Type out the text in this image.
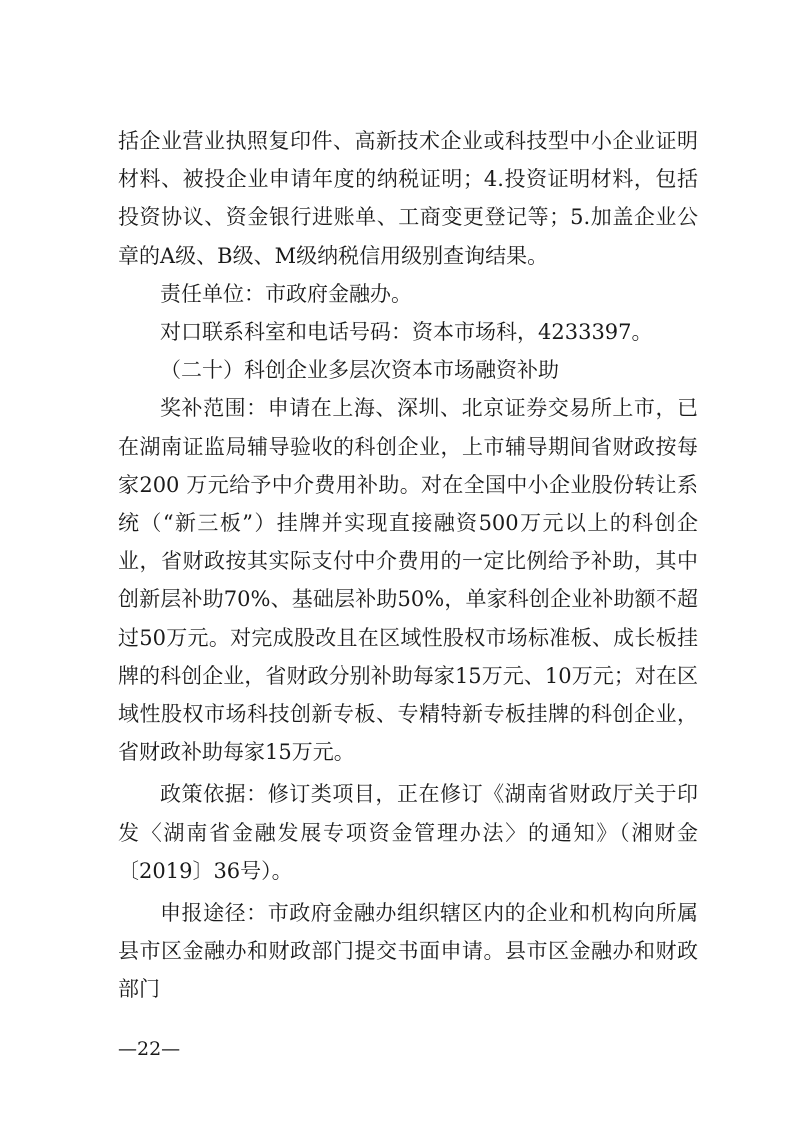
括企业营业执照复印件、高新技术企业或科技型中小企业证明材料、被投企业申请年度的纳税证明；4.投资证明材料，包括投资协议、资金银行进账单、工商变更登记等；5.加盖企业公章的A级、B级、M级纳税信用级别查询结果。

责任单位：市政府金融办。

对口联系科室和电话号码：资本市场科，4233397。

（二十）科创企业多层次资本市场融资补助

奖补范围：申请在上海、深圳、北京证券交易所上市，已在湖南证监局辅导验收的科创企业，上市辅导期间省财政按每家200 万元给予中介费用补助。对在全国中小企业股份转让系统（“新三板”）挂牌并实现直接融资500万元以上的科创企业，省财政按其实际支付中介费用的一定比例给予补助，其中创新层补助70%、基础层补助50%，单家科创企业补助额不超过50万元。对完成股改且在区域性股权市场标准板、成长板挂牌的科创企业，省财政分别补助每家15万元、10万元；对在区域性股权市场科技创新专板、专精特新专板挂牌的科创企业，省财政补助每家15万元。

政策依据：修订类项目，正在修订《湖南省财政厅关于印发〈湖南省金融发展专项资金管理办法〉的通知》（湘财金〔2019〕36号）。

申报途径：市政府金融办组织辖区内的企业和机构向所属县市区金融办和财政部门提交书面申请。县市区金融办和财政部门

—22—
